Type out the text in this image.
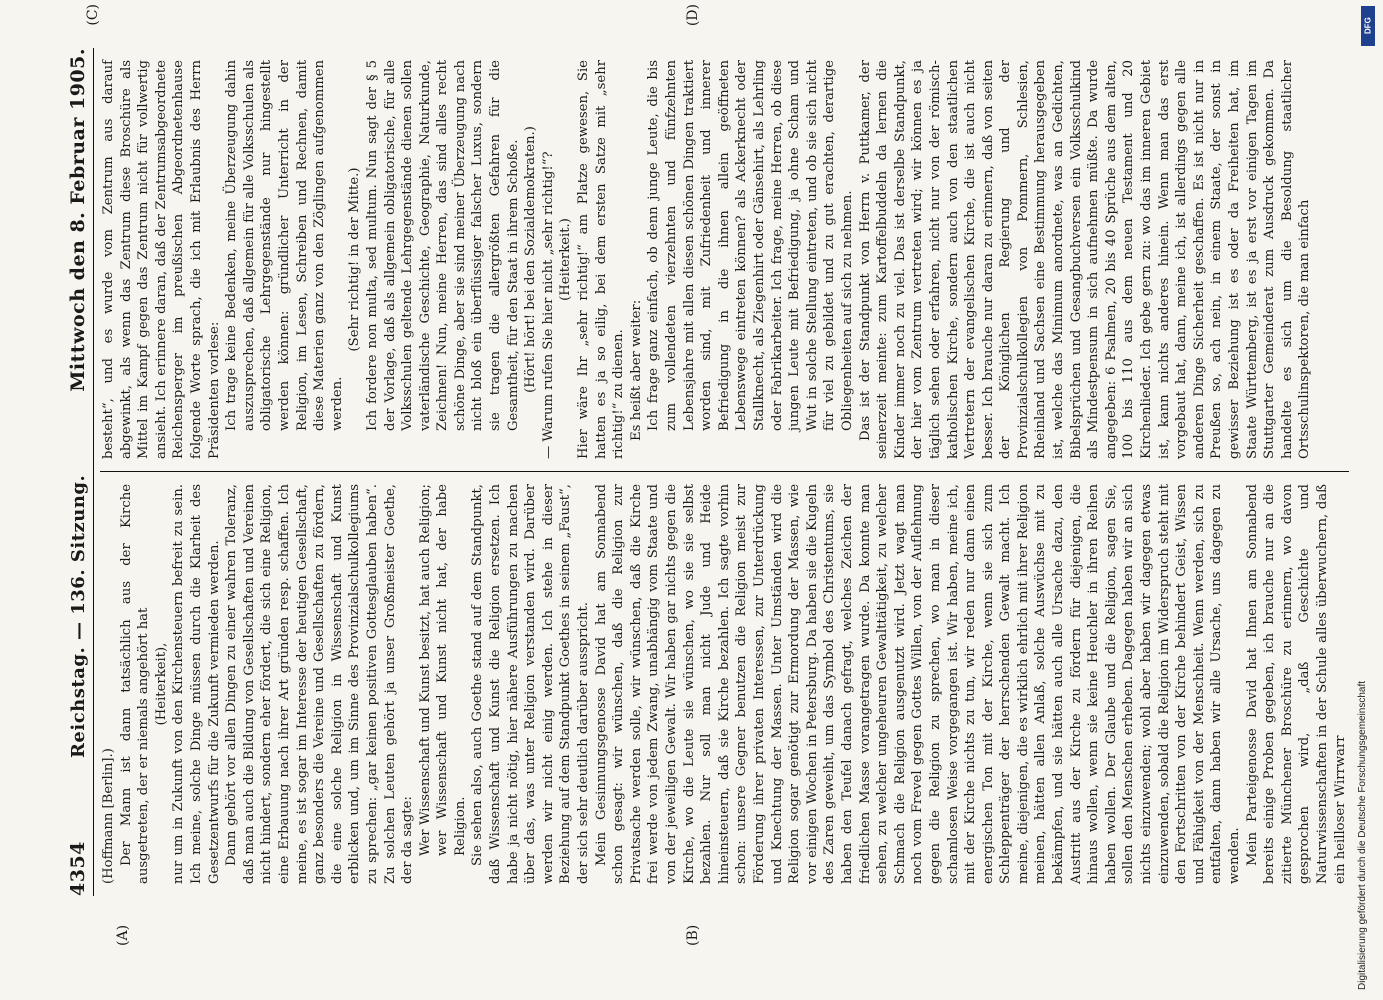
4354
Reichstag. — 136. Sitzung.
Mittwoch den 8. Februar 1905.

(Hoffmann [Berlin].) Der Mann ist dann tatsächlich aus der Kirche ausgetreten, der er niemals angehört hat (Heiterkeit), nur um in Zukunft von den Kirchensteuern befreit zu sein. Ich meine, solche Dinge müssen durch die Klarheit des Gesetzentwurfs für die Zukunft vermieden werden. Dann gehört vor allen Dingen zu einer wahren Toleranz, daß man auch die Bildung von Gesellschaften und Vereinen nicht hindert, sondern eher fördert, die sich eine Religion, eine Erbauung nach ihrer Art gründen resp. schaffen. Ich meine, es ist sogar im Interesse der heutigen Gesellschaft, ganz besonders die Vereine und Gesellschaften zu fördern, die eine solche Religion in Wissenschaft und Kunst erblicken und, um im Sinne des Provinzialschulkollegiums zu sprechen: „gar keinen positiven Gottesglauben haben“. Zu solchen Leuten gehört ja unser Großmeister Goethe, der da sagte: Wer Wissenschaft und Kunst besitzt, hat auch Religion; wer Wissenschaft und Kunst nicht hat, der habe Religion. Sie sehen also, auch Goethe stand auf dem Standpunkt, daß Wissenschaft und Kunst die Religion ersetzen. Ich habe ja nicht nötig, hier nähere Ausführungen zu machen über das, was unter Religion verstanden wird. Darüber werden wir nicht einig werden. Ich stehe in dieser Beziehung auf dem Standpunkt Goethes in seinem „Faust“, der sich sehr deutlich darüber ausspricht. Mein Gesinnungsgenosse David hat am Sonnabend schon gesagt: wir wünschen, daß die Religion zur Privatsache werden solle, wir wünschen, daß die Kirche frei werde von jedem Zwang, unabhängig vom Staate und von der jeweiligen Gewalt. Wir haben gar nichts gegen die Kirche, wo die Leute sie wünschen, wo sie sie selbst bezahlen. Nur soll man nicht Jude und Heide hineinsteuern, daß sie Kirche bezahlen. Ich sagte vorhin schon: unsere Gegner benutzen die Religion meist zur Förderung ihrer privaten Interessen, zur Unterdrückung und Knechtung der Massen. Unter Umständen wird die Religion sogar genötigt zur Ermordung der Massen, wie vor einigen Wochen in Petersburg. Da haben sie die Kugeln des Zaren geweiht, um das Symbol des Christentums, sie haben den Teufel danach gefragt, welches Zeichen der friedlichen Masse vorangetragen wurde. Da konnte man sehen, zu welcher ungeheuren Gewalttätigkeit, zu welcher Schmach die Religion ausgenutzt wird. Jetzt wagt man noch vom Frevel gegen Gottes Willen, von der Auflehnung gegen die Religion zu sprechen, wo man in dieser schamlosen Weise vorgegangen ist. Wir haben, meine ich, mit der Kirche nichts zu tun, wir reden nur dann einen energischen Ton mit der Kirche, wenn sie sich zum Schleppenträger der herrschenden Gewalt macht. Ich meine, diejenigen, die es wirklich ehrlich mit ihrer Religion meinen, hätten allen Anlaß, solche Auswüchse mit zu bekämpfen, und sie hätten auch alle Ursache dazu, den Austritt aus der Kirche zu fördern für diejenigen, die hinaus wollen, wenn sie keine Heuchler in ihren Reihen haben wollen. Der Glaube und die Religion, sagen Sie, sollen den Menschen erheben. Dagegen haben wir an sich nichts einzuwenden; wohl aber haben wir dagegen etwas einzuwenden, sobald die Religion im Widerspruch steht mit den Fortschritten von der Kirche behindert Geist, Wissen und Fähigkeit von der Menschheit. Wenn werden, sich zu entfalten, dann haben wir alle Ursache, uns dagegen zu wenden. Mein Parteigenosse David hat Ihnen am Sonnabend bereits einige Proben gegeben, ich brauche nur an die zitierte Münchener Broschüre zu erinnern, wo davon gesprochen wird, „daß Geschichte und Naturwissenschaften in der Schule alles überwuchern, daß ein heilloser Wirrwarr

besteht“, und es wurde vom Zentrum aus darauf abgewinkt, als wenn das Zentrum diese Broschüre als Mittel im Kampf gegen das Zentrum nicht für vollwertig ansieht. Ich erinnere daran, daß der Zentrumsabgeordnete Reichensperger im preußischen Abgeordnetenhause folgende Worte sprach, die ich mit Erlaubnis des Herrn Präsidenten vorlese: Ich trage keine Bedenken, meine Überzeugung dahin auszusprechen, daß allgemein für alle Volksschulen als obligatorische Lehrgegenstände nur hingestellt werden können: gründlicher Unterricht in der Religion, im Lesen, Schreiben und Rechnen, damit diese Materien ganz von den Zöglingen aufgenommen werden.

(Sehr richtig! in der Mitte.) Ich fordere non multa, sed multum. Nun sagt der § 5 der Vorlage, daß als allgemein obligatorische, für alle Volksschulen geltende Lehrgegenstände dienen sollen vaterländische Geschichte, Geographie, Naturkunde, Zeichnen! Nun, meine Herren, das sind alles recht schöne Dinge, aber sie sind meiner Überzeugung nach nicht bloß ein überflüssiger falscher Luxus, sondern sie tragen die allergrößten Gefahren für die Gesamtheit, für den Staat in ihrem Schoße. (Hört! hört! bei den Sozialdemokraten.) — Warum rufen Sie hier nicht „sehr richtig!“? (Heiterkeit.) Hier wäre Ihr „sehr richtig!“ am Platze gewesen, Sie hatten es ja so eilig, bei dem ersten Satze mit „sehr richtig!“ zu dienen. Es heißt aber weiter: Ich frage ganz einfach, ob denn junge Leute, die bis zum vollendeten vierzehnten und fünfzehnten Lebensjahre mit allen diesen schönen Dingen traktiert worden sind, mit Zufriedenheit und innerer Befriedigung in die ihnen allein geöffneten Lebenswege eintreten können? als Ackerknecht oder Stallknecht, als Ziegenhirt oder Gänsehirt, als Lehrling oder Fabrikarbeiter. Ich frage, meine Herren, ob diese jungen Leute mit Befriedigung, ja ohne Scham und Wut in solche Stellung eintreten, und ob sie sich nicht für viel zu gebildet und zu gut erachten, derartige Obliegenheiten auf sich zu nehmen. Das ist der Standpunkt von Herrn v. Puttkamer, der seinerzeit meinte: zum Kartoffelbuddeln da lernen die Kinder immer noch zu viel. Das ist derselbe Standpunkt, der hier vom Zentrum vertreten wird; wir können es ja täglich sehen oder erfahren, nicht nur von der römisch-katholischen Kirche, sondern auch von den staatlichen Vertretern der evangelischen Kirche, die ist auch nicht besser. Ich brauche nur daran zu erinnern, daß von seiten der Königlichen Regierung und der Provinzialschulkollegien von Pommern, Schlesien, Rheinland und Sachsen eine Bestimmung herausgegeben ist, welche das Minimum anordnete, was an Gedichten, Bibelsprüchen und Gesangbuchversen ein Volksschulkind als Mindestpensum in sich aufnehmen müßte. Da wurde angegeben: 6 Psalmen, 20 bis 40 Sprüche aus dem alten, 100 bis 110 aus dem neuen Testament und 20 Kirchenlieder. Ich gebe gern zu: wo das im inneren Gebiet ist, kann nichts anderes hinein. Wenn man das erst vorgebaut hat, dann, meine ich, ist allerdings gegen alle anderen Dinge Sicherheit geschaffen. Es ist nicht nur in Preußen so, ach nein, in einem Staate, der sonst in gewisser Beziehung ist es oder da Freiheiten hat, im Staate Württemberg, ist es ja erst vor einigen Tagen im Stuttgarter Gemeinderat zum Ausdruck gekommen. Da handelte es sich um die Besoldung staatlicher Ortsschulinspektoren, die man einfach

(A)	(B)
(C)	(D)	DFG
Digitalisierung gefördert durch die Deutsche Forschungsgemeinschaft
